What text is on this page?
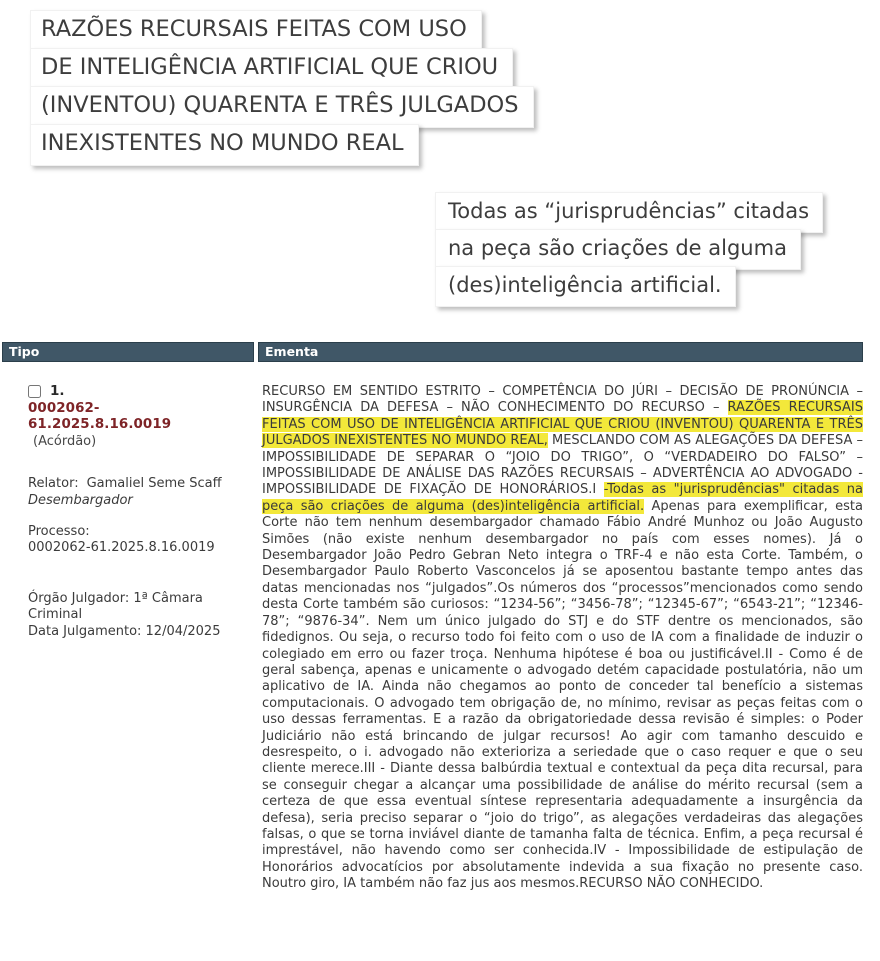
RAZÕES RECURSAIS FEITAS COM USO
DE INTELIGÊNCIA ARTIFICIAL QUE CRIOU
(INVENTOU) QUARENTA E TRÊS JULGADOS
INEXISTENTES NO MUNDO REAL
Todas as “jurisprudências” citadas
na peça são criações de alguma
(des)inteligência artificial.
Tipo	Ementa
1.
0002062-61.2025.8.16.0019
(Acórdão)
Relator: Gamaliel Seme Scaff
Desembargador
Processo:
0002062-61.2025.8.16.0019
Órgão Julgador: 1ª Câmara Criminal
Data Julgamento: 12/04/2025
RECURSO EM SENTIDO ESTRITO – COMPETÊNCIA DO JÚRI – DECISÃO DE PRONÚNCIA – INSURGÊNCIA DA DEFESA – NÃO CONHECIMENTO DO RECURSO – RAZÕES RECURSAIS FEITAS COM USO DE INTELIGÊNCIA ARTIFICIAL QUE CRIOU (INVENTOU) QUARENTA E TRÊS JULGADOS INEXISTENTES NO MUNDO REAL, MESCLANDO COM AS ALEGAÇÕES DA DEFESA – IMPOSSIBILIDADE DE SEPARAR O “JOIO DO TRIGO”, O “VERDADEIRO DO FALSO” – IMPOSSIBILIDADE DE ANÁLISE DAS RAZÕES RECURSAIS – ADVERTÊNCIA AO ADVOGADO - IMPOSSIBILIDADE DE FIXAÇÃO DE HONORÁRIOS.I -Todas as "jurisprudências" citadas na peça são criações de alguma (des)inteligência artificial. Apenas para exemplificar, esta Corte não tem nenhum desembargador chamado Fábio André Munhoz ou João Augusto Simões (não existe nenhum desembargador no país com esses nomes). Já o Desembargador João Pedro Gebran Neto integra o TRF-4 e não esta Corte. Também, o Desembargador Paulo Roberto Vasconcelos já se aposentou bastante tempo antes das datas mencionadas nos “julgados”.Os números dos “processos”mencionados como sendo desta Corte também são curiosos: “1234-56”; “3456-78”; “12345-67”; “6543-21”; “12346-78”; “9876-34”. Nem um único julgado do STJ e do STF dentre os mencionados, são fidedignos. Ou seja, o recurso todo foi feito com o uso de IA com a finalidade de induzir o colegiado em erro ou fazer troça. Nenhuma hipótese é boa ou justificável.II - Como é de geral sabença, apenas e unicamente o advogado detém capacidade postulatória, não um aplicativo de IA. Ainda não chegamos ao ponto de conceder tal benefício a sistemas computacionais. O advogado tem obrigação de, no mínimo, revisar as peças feitas com o uso dessas ferramentas. E a razão da obrigatoriedade dessa revisão é simples: o Poder Judiciário não está brincando de julgar recursos! Ao agir com tamanho descuido e desrespeito, o i. advogado não exterioriza a seriedade que o caso requer e que o seu cliente merece.III - Diante dessa balbúrdia textual e contextual da peça dita recursal, para se conseguir chegar a alcançar uma possibilidade de análise do mérito recursal (sem a certeza de que essa eventual síntese representaria adequadamente a insurgência da defesa), seria preciso separar o “joio do trigo”, as alegações verdadeiras das alegações falsas, o que se torna inviável diante de tamanha falta de técnica. Enfim, a peça recursal é imprestável, não havendo como ser conhecida.IV - Impossibilidade de estipulação de Honorários advocatícios por absolutamente indevida a sua fixação no presente caso. Noutro giro, IA também não faz jus aos mesmos.RECURSO NÃO CONHECIDO.
